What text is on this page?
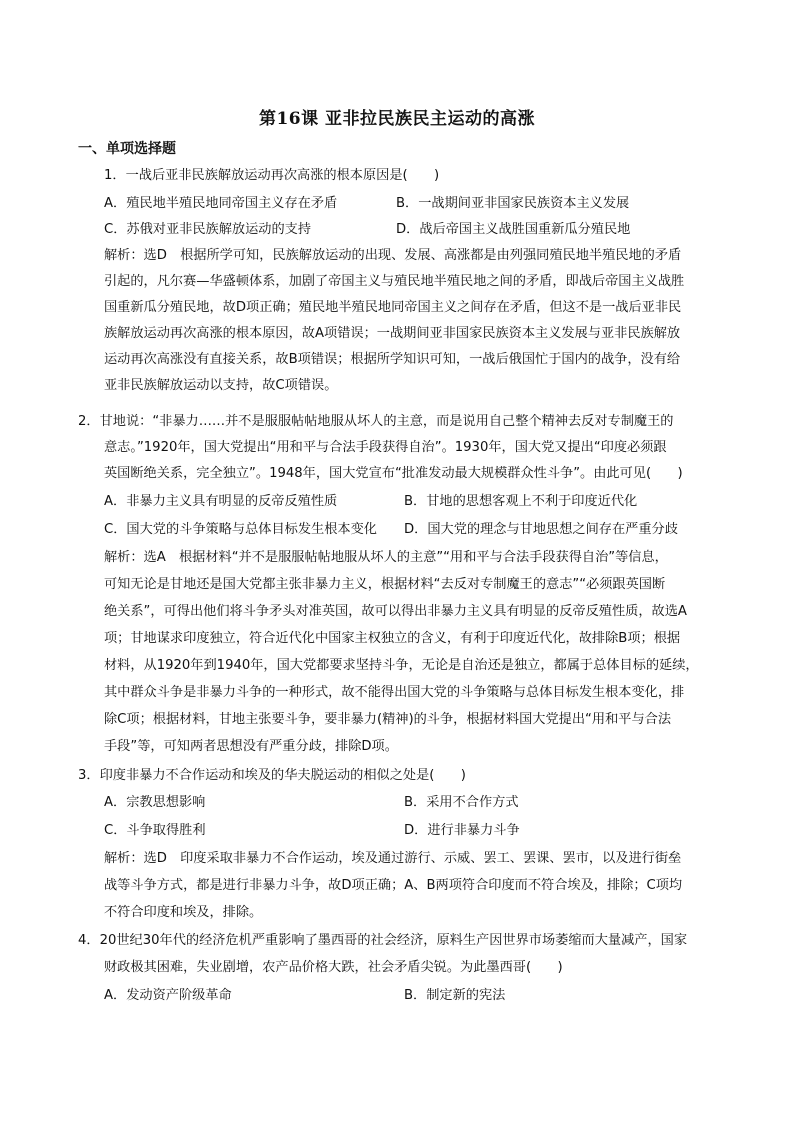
第16课 亚非拉民族民主运动的高涨
一、单项选择题
1．一战后亚非民族解放运动再次高涨的根本原因是(　　)
A．殖民地半殖民地同帝国主义存在矛盾	B．一战期间亚非国家民族资本主义发展
C．苏俄对亚非民族解放运动的支持	D．战后帝国主义战胜国重新瓜分殖民地
解析：选D　根据所学可知，民族解放运动的出现、发展、高涨都是由列强同殖民地半殖民地的矛盾
引起的，凡尔赛—华盛顿体系，加剧了帝国主义与殖民地半殖民地之间的矛盾，即战后帝国主义战胜
国重新瓜分殖民地，故D项正确；殖民地半殖民地同帝国主义之间存在矛盾，但这不是一战后亚非民
族解放运动再次高涨的根本原因，故A项错误；一战期间亚非国家民族资本主义发展与亚非民族解放
运动再次高涨没有直接关系，故B项错误；根据所学知识可知，一战后俄国忙于国内的战争，没有给
亚非民族解放运动以支持，故C项错误。
2．甘地说：“非暴力……并不是服服帖帖地服从坏人的主意，而是说用自己整个精神去反对专制魔王的
意志。”1920年，国大党提出“用和平与合法手段获得自治”。1930年，国大党又提出“印度必须跟
英国断绝关系，完全独立”。1948年，国大党宣布“批准发动最大规模群众性斗争”。由此可见(　　)
A．非暴力主义具有明显的反帝反殖性质	B．甘地的思想客观上不利于印度近代化
C．国大党的斗争策略与总体目标发生根本变化 D．国大党的理念与甘地思想之间存在严重分歧
解析：选A　根据材料“并不是服服帖帖地服从坏人的主意”“用和平与合法手段获得自治”等信息，
可知无论是甘地还是国大党都主张非暴力主义，根据材料“去反对专制魔王的意志”“必须跟英国断
绝关系”，可得出他们将斗争矛头对准英国，故可以得出非暴力主义具有明显的反帝反殖性质，故选A
项；甘地谋求印度独立，符合近代化中国家主权独立的含义，有利于印度近代化，故排除B项；根据
材料，从1920年到1940年，国大党都要求坚持斗争，无论是自治还是独立，都属于总体目标的延续，
其中群众斗争是非暴力斗争的一种形式，故不能得出国大党的斗争策略与总体目标发生根本变化，排
除C项；根据材料，甘地主张要斗争，要非暴力(精神)的斗争，根据材料国大党提出“用和平与合法
手段”等，可知两者思想没有严重分歧，排除D项。
3．印度非暴力不合作运动和埃及的华夫脱运动的相似之处是(　　)
A．宗教思想影响	B．采用不合作方式
C．斗争取得胜利	D．进行非暴力斗争
解析：选D　印度采取非暴力不合作运动，埃及通过游行、示威、罢工、罢课、罢市，以及进行街垒
战等斗争方式，都是进行非暴力斗争，故D项正确；A、B两项符合印度而不符合埃及，排除；C项均
不符合印度和埃及，排除。
4．20世纪30年代的经济危机严重影响了墨西哥的社会经济，原料生产因世界市场萎缩而大量减产，国家
财政极其困难，失业剧增，农产品价格大跌，社会矛盾尖锐。为此墨西哥(　　)
A．发动资产阶级革命	B．制定新的宪法
